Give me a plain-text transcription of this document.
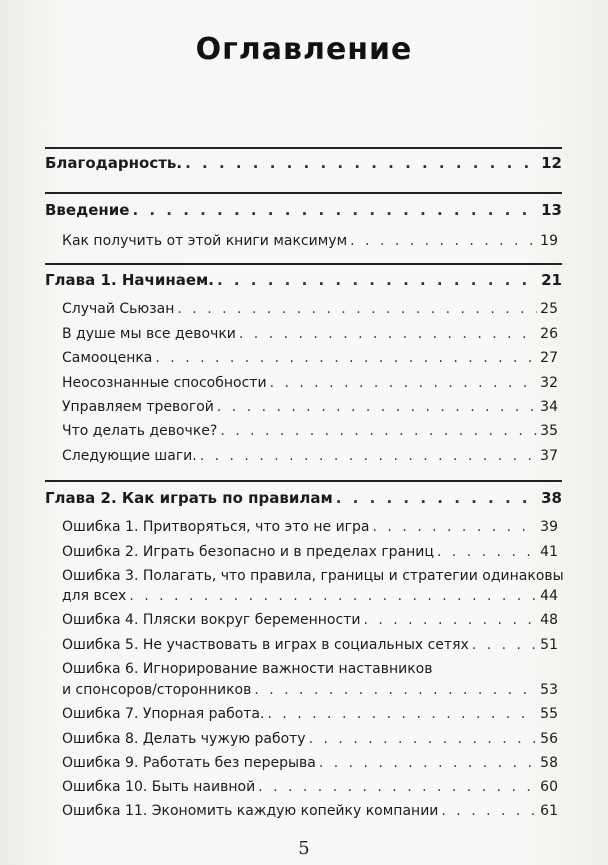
Оглавление
Благодарность. . . .	12
Введение . . .	13
Как получить от этой книги максимум . . .	19
Глава 1. Начинаем. . . .	21
Случай Сьюзан . . .	25
В душе мы все девочки . . .	26
Самооценка . . .	27
Неосознанные способности . . .	32
Управляем тревогой . . .	34
Что делать девочке? . . .	35
Следующие шаги. . . .	37
Глава 2. Как играть по правилам . . .	38
Ошибка 1. Притворяться, что это не игра . . .	39
Ошибка 2. Играть безопасно и в пределах границ . . .	41
Ошибка 3. Полагать, что правила, границы и стратегии одинаковы
для всех . . .	44
Ошибка 4. Пляски вокруг беременности . . .	48
Ошибка 5. Не участвовать в играх в социальных сетях . . .	51
Ошибка 6. Игнорирование важности наставников
и спонсоров/сторонников . . .	53
Ошибка 7. Упорная работа. . . .	55
Ошибка 8. Делать чужую работу . . .	56
Ошибка 9. Работать без перерыва . . .	58
Ошибка 10. Быть наивной . . .	60
Ошибка 11. Экономить каждую копейку компании . . .	61
5
